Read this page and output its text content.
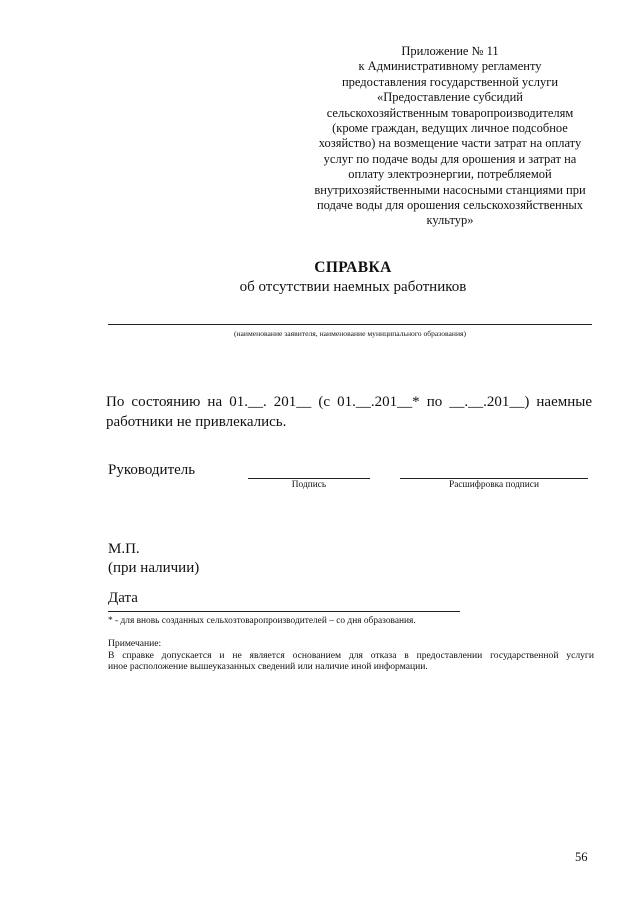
Приложение № 11
к Административному регламенту
предоставления государственной услуги
«Предоставление субсидий
сельскохозяйственным товаропроизводителям
(кроме граждан, ведущих личное подсобное
хозяйство) на возмещение части затрат на оплату
услуг по подаче воды для орошения и затрат на
оплату электроэнергии, потребляемой
внутрихозяйственными насосными станциями при
подаче воды для орошения сельскохозяйственных
культур»
СПРАВКА
об отсутствии наемных работников
(наименование заявителя, наименование муниципального образования)
По состоянию на 01.__. 201__ (с 01.__.201__* по __.__.201__) наемные
работники не привлекались.
Руководитель
Подпись	Расшифровка подписи
М.П.
(при наличии)
Дата
* - для вновь созданных сельхозтоваропроизводителей – со дня образования.
Примечание:
В справке допускается и не является основанием для отказа в предоставлении государственной услуги
иное расположение вышеуказанных сведений или наличие иной информации.
56
